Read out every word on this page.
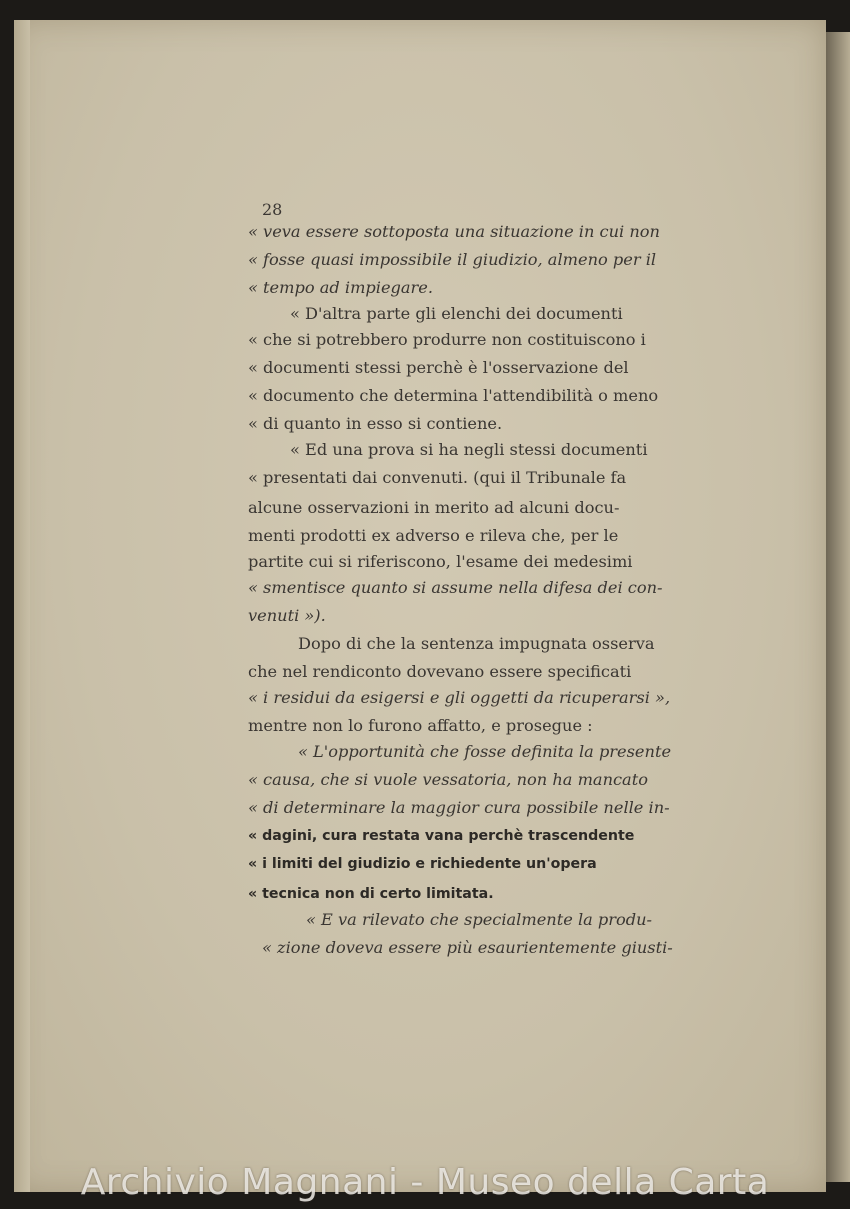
28
« veva essere sottoposta una situazione in cui non
« fosse quasi impossibile il giudizio, almeno per il
« tempo ad impiegare.
« D'altra parte gli elenchi dei documenti
« che si potrebbero produrre non costituiscono i
« documenti stessi perchè è l'osservazione del
« documento che determina l'attendibilità o meno
« di quanto in esso si contiene.
« Ed una prova si ha negli stessi documenti
« presentati dai convenuti. (qui il Tribunale fa
alcune osservazioni in merito ad alcuni docu-
menti prodotti ex adverso e rileva che, per le
partite cui si riferiscono, l'esame dei medesimi
« smentisce quanto si assume nella difesa dei con-
venuti »).
Dopo di che la sentenza impugnata osserva
che nel rendiconto dovevano essere specificati
« i residui da esigersi e gli oggetti da ricuperarsi »,
mentre non lo furono affatto, e prosegue :
« L'opportunità che fosse definita la presente
« causa, che si vuole vessatoria, non ha mancato
« di determinare la maggior cura possibile nelle in-
« dagini, cura restata vana perchè trascendente
« i limiti del giudizio e richiedente un'opera
« tecnica non di certo limitata.
« E va rilevato che specialmente la produ-
« zione doveva essere più esaurientemente giusti-
Archivio Magnani - Museo della Carta
